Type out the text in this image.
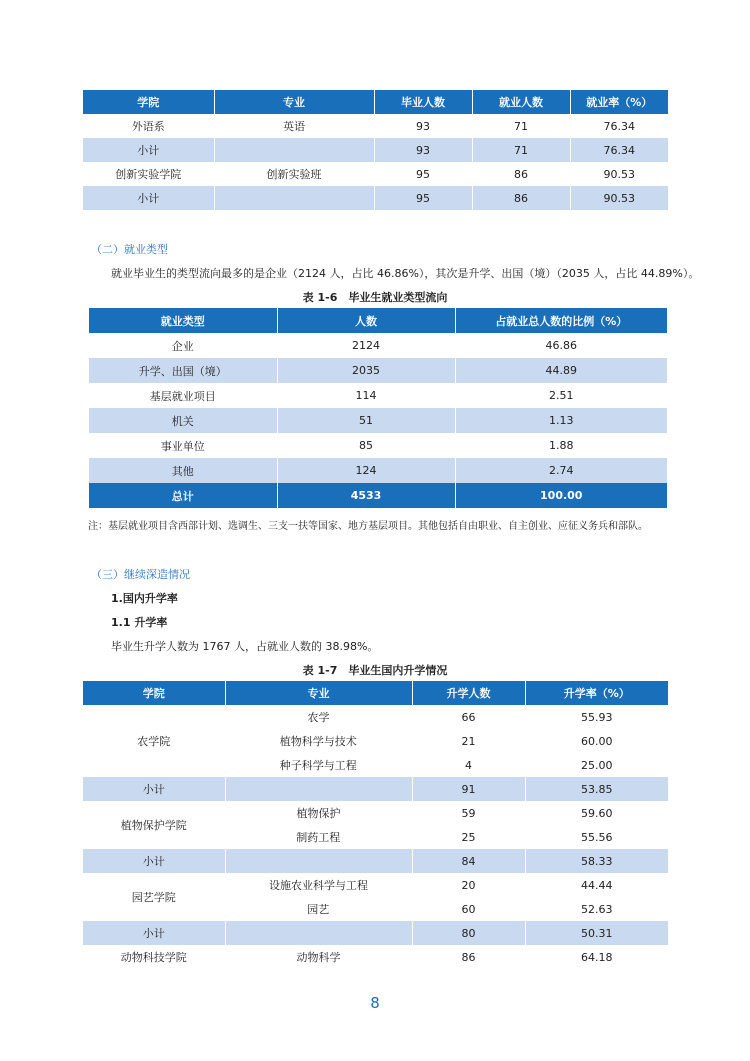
学院	专业	毕业人数	就业人数	就业率（%）
外语系	英语	93	71	76.34
小计		93	71	76.34
创新实验学院	创新实验班	95	86	90.53
小计		95	86	90.53
（二）就业类型
就业毕业生的类型流向最多的是企业（2124 人，占比 46.86%），其次是升学、出国（境）（2035 人，占比 44.89%）。
表 1-6　毕业生就业类型流向
就业类型	人数	占就业总人数的比例（%）
企业	2124	46.86
升学、出国（境）	2035	44.89
基层就业项目	114	2.51
机关	51	1.13
事业单位	85	1.88
其他	124	2.74
总计	4533	100.00
注：基层就业项目含西部计划、选调生、三支一扶等国家、地方基层项目。其他包括自由职业、自主创业、应征义务兵和部队。
（三）继续深造情况
1.国内升学率
1.1 升学率
毕业生升学人数为 1767 人，占就业人数的 38.98%。
表 1-7　毕业生国内升学情况
学院	专业	升学人数	升学率（%）
农学院	农学	66	55.93
	植物科学与技术	21	60.00
	种子科学与工程	4	25.00
小计		91	53.85
植物保护学院	植物保护	59	59.60
	制药工程	25	55.56
小计		84	58.33
园艺学院	设施农业科学与工程	20	44.44
	园艺	60	52.63
小计		80	50.31
动物科技学院	动物科学	86	64.18
8
